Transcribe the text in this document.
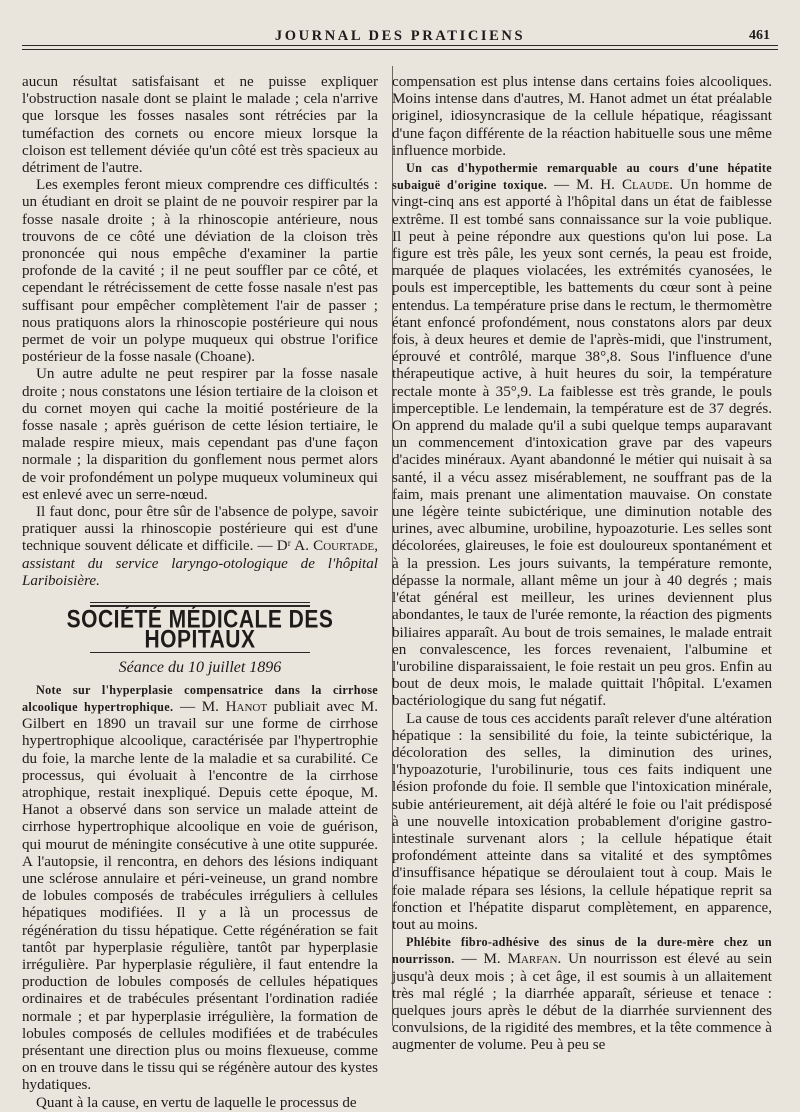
JOURNAL DES PRATICIENS	461

aucun résultat satisfaisant et ne puisse expliquer l'obstruction nasale dont se plaint le malade ; cela n'arrive que lorsque les fosses nasales sont rétrécies par la tuméfaction des cornets ou encore mieux lorsque la cloison est tellement déviée qu'un côté est très spacieux au détriment de l'autre.

Les exemples feront mieux comprendre ces difficultés : un étudiant en droit se plaint de ne pouvoir respirer par la fosse nasale droite ; à la rhinoscopie antérieure, nous trouvons de ce côté une déviation de la cloison très prononcée qui nous empêche d'examiner la partie profonde de la cavité ; il ne peut souffler par ce côté, et cependant le rétrécissement de cette fosse nasale n'est pas suffisant pour empêcher complètement l'air de passer ; nous pratiquons alors la rhinoscopie postérieure qui nous permet de voir un polype muqueux qui obstrue l'orifice postérieur de la fosse nasale (Choane).

Un autre adulte ne peut respirer par la fosse nasale droite ; nous constatons une lésion tertiaire de la cloison et du cornet moyen qui cache la moitié postérieure de la fosse nasale ; après guérison de cette lésion tertiaire, le malade respire mieux, mais cependant pas d'une façon normale ; la disparition du gonflement nous permet alors de voir profondément un polype muqueux volumineux qui est enlevé avec un serre-nœud.

Il faut donc, pour être sûr de l'absence de polype, savoir pratiquer aussi la rhinoscopie postérieure qui est d'une technique souvent délicate et difficile. — Dʳ A. Courtade, assistant du service laryngo-otologique de l'hôpital Lariboisière.

SOCIÉTÉ MÉDICALE DES HOPITAUX
Séance du 10 juillet 1896

Note sur l'hyperplasie compensatrice dans la cirrhose alcoolique hypertrophique. — M. Hanot publiait avec M. Gilbert en 1890 un travail sur une forme de cirrhose hypertrophique alcoolique, caractérisée par l'hypertrophie du foie, la marche lente de la maladie et sa curabilité. Ce processus, qui évoluait à l'encontre de la cirrhose atrophique, restait inexpliqué. Depuis cette époque, M. Hanot a observé dans son service un malade atteint de cirrhose hypertrophique alcoolique en voie de guérison, qui mourut de méningite consécutive à une otite suppurée. A l'autopsie, il rencontra, en dehors des lésions indiquant une sclérose annulaire et péri-veineuse, un grand nombre de lobules composés de trabécules irréguliers à cellules hépatiques modifiées. Il y a là un processus de régénération du tissu hépatique. Cette régénération se fait tantôt par hyperplasie régulière, tantôt par hyperplasie irrégulière. Par hyperplasie régulière, il faut entendre la production de lobules composés de cellules hépatiques ordinaires et de trabécules présentant l'ordination radiée normale ; et par hyperplasie irrégulière, la formation de lobules composés de cellules modifiées et de trabécules présentant une direction plus ou moins flexueuse, comme on en trouve dans le tissu qui se régénère autour des kystes hydatiques.

Quant à la cause, en vertu de laquelle le processus de

compensation est plus intense dans certains foies alcooliques. Moins intense dans d'autres, M. Hanot admet un état préalable originel, idiosyncrasique de la cellule hépatique, réagissant d'une façon différente de la réaction habituelle sous une même influence morbide.

Un cas d'hypothermie remarquable au cours d'une hépatite subaiguë d'origine toxique. — M. H. Claude. Un homme de vingt-cinq ans est apporté à l'hôpital dans un état de faiblesse extrême. Il est tombé sans connaissance sur la voie publique. Il peut à peine répondre aux questions qu'on lui pose. La figure est très pâle, les yeux sont cernés, la peau est froide, marquée de plaques violacées, les extrémités cyanosées, le pouls est imperceptible, les battements du cœur sont à peine entendus. La température prise dans le rectum, le thermomètre étant enfoncé profondément, nous constatons alors par deux fois, à deux heures et demie de l'après-midi, que l'instrument, éprouvé et contrôlé, marque 38°,8. Sous l'influence d'une thérapeutique active, à huit heures du soir, la température rectale monte à 35°,9. La faiblesse est très grande, le pouls imperceptible. Le lendemain, la température est de 37 degrés. On apprend du malade qu'il a subi quelque temps auparavant un commencement d'intoxication grave par des vapeurs d'acides minéraux. Ayant abandonné le métier qui nuisait à sa santé, il a vécu assez misérablement, ne souffrant pas de la faim, mais prenant une alimentation mauvaise. On constate une légère teinte subictérique, une diminution notable des urines, avec albumine, urobiline, hypoazoturie. Les selles sont décolorées, glaireuses, le foie est douloureux spontanément et à la pression. Les jours suivants, la température remonte, dépasse la normale, allant même un jour à 40 degrés ; mais l'état général est meilleur, les urines deviennent plus abondantes, le taux de l'urée remonte, la réaction des pigments biliaires apparaît. Au bout de trois semaines, le malade entrait en convalescence, les forces revenaient, l'albumine et l'urobiline disparaissaient, le foie restait un peu gros. Enfin au bout de deux mois, le malade quittait l'hôpital. L'examen bactériologique du sang fut négatif.

La cause de tous ces accidents paraît relever d'une altération hépatique : la sensibilité du foie, la teinte subictérique, la décoloration des selles, la diminution des urines, l'hypoazoturie, l'urobilinurie, tous ces faits indiquent une lésion profonde du foie. Il semble que l'intoxication minérale, subie antérieurement, ait déjà altéré le foie ou l'ait prédisposé à une nouvelle intoxication probablement d'origine gastro-intestinale survenant alors ; la cellule hépatique était profondément atteinte dans sa vitalité et des symptômes d'insuffisance hépatique se déroulaient tout à coup. Mais le foie malade répara ses lésions, la cellule hépatique reprit sa fonction et l'hépatite disparut complètement, en apparence, tout au moins.

Phlébite fibro-adhésive des sinus de la dure-mère chez un nourrisson. — M. Marfan. Un nourrisson est élevé au sein jusqu'à deux mois ; à cet âge, il est soumis à un allaitement très mal réglé ; la diarrhée apparaît, sérieuse et tenace : quelques jours après le début de la diarrhée surviennent des convulsions, de la rigidité des membres, et la tête commence à augmenter de volume. Peu à peu se
